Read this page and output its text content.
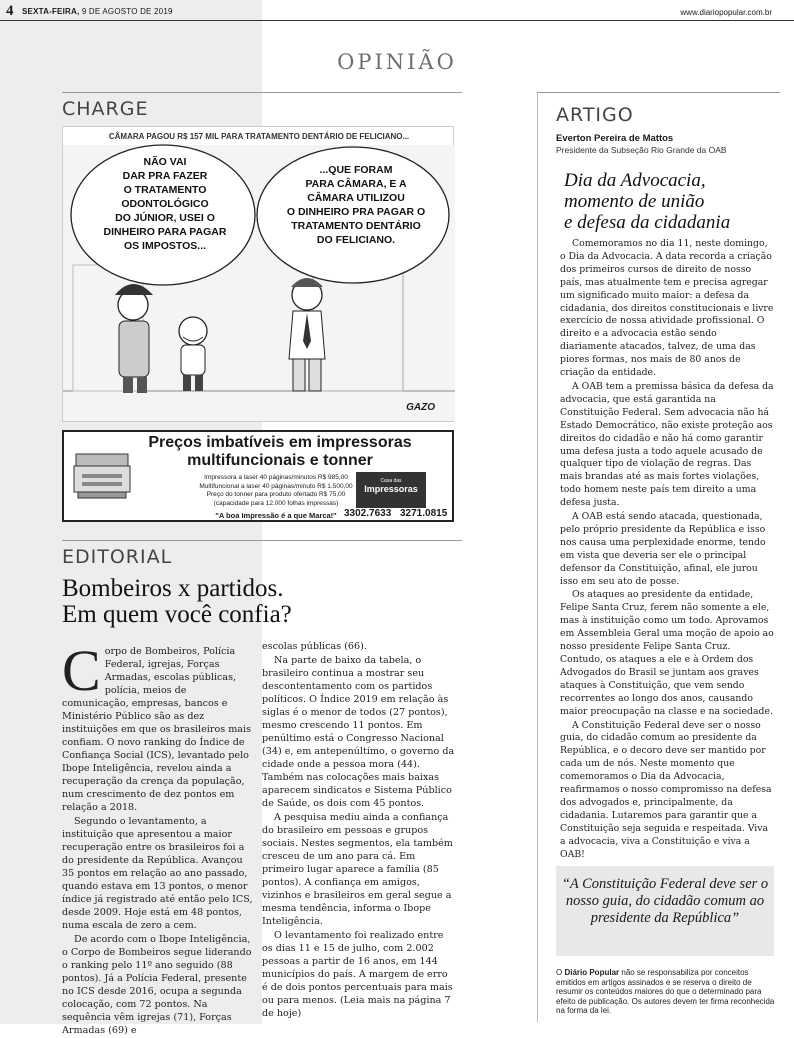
4 SEXTA-FEIRA, 9 DE AGOSTO DE 2019	www.diariopopular.com.br
OPINIÃO
CHARGE
CÂMARA PAGOU R$ 157 MIL PARA TRATAMENTO DENTÁRIO DE FELICIANO...
NÃO VAI
DAR PRA FAZER
O TRATAMENTO
ODONTOLÓGICO
DO JÚNIOR, USEI O
DINHEIRO PARA PAGAR
OS IMPOSTOS...
...QUE FORAM
PARA CÂMARA, E A
CÂMARA UTILIZOU
O DINHEIRO PRA PAGAR O
TRATAMENTO DENTÁRIO
DO FELICIANO.
GAZO
Preços imbatíveis em impressoras
multifuncionais e tonner
Impressora a laser 40 páginas/minutos R$ 985,00
Multifuncional a laser 40 páginas/minuto R$ 1.500,00
Preço do tonner para produto ofertado R$ 75,00
(capacidade para 12.000 folhas impressas)
"A boa Impressão é a que Marca!"
Casa das
Impressoras
3302.7633 3271.0815
EDITORIAL
Bombeiros x partidos.
Em quem você confia?

Corpo de Bombeiros, Polícia Federal, igrejas, Forças Armadas, escolas públicas, polícia, meios de comunicação, empresas, bancos e Ministério Público são as dez instituições em que os brasileiros mais confiam. O novo ranking do Índice de Confiança Social (ICS), levantado pelo Ibope Inteligência, revelou ainda a recuperação da crença da população, num crescimento de dez pontos em relação a 2018.

Segundo o levantamento, a instituição que apresentou a maior recuperação entre os brasileiros foi a do presidente da República. Avançou 35 pontos em relação ao ano passado, quando estava em 13 pontos, o menor índice já registrado até então pelo ICS, desde 2009. Hoje está em 48 pontos, numa escala de zero a cem.

De acordo com o Ibope Inteligência, o Corpo de Bombeiros segue liderando o ranking pelo 11º ano seguido (88 pontos). Já a Polícia Federal, presente no ICS desde 2016, ocupa a segunda colocação, com 72 pontos. Na sequência vêm igrejas (71), Forças Armadas (69) e

escolas públicas (66).

Na parte de baixo da tabela, o brasileiro continua a mostrar seu descontentamento com os partidos políticos. O Índice 2019 em relação às siglas é o menor de todos (27 pontos), mesmo crescendo 11 pontos. Em penúltimo está o Congresso Nacional (34) e, em antepenúltimo, o governo da cidade onde a pessoa mora (44). Também nas colocações mais baixas aparecem sindicatos e Sistema Público de Saúde, os dois com 45 pontos.

A pesquisa mediu ainda a confiança do brasileiro em pessoas e grupos sociais. Nestes segmentos, ela também cresceu de um ano para cá. Em primeiro lugar aparece a família (85 pontos). A confiança em amigos, vizinhos e brasileiros em geral segue a mesma tendência, informa o Ibope Inteligência.

O levantamento foi realizado entre os dias 11 e 15 de julho, com 2.002 pessoas a partir de 16 anos, em 144 municípios do país. A margem de erro é de dois pontos percentuais para mais ou para menos. (Leia mais na página 7 de hoje)

ARTIGO
Everton Pereira de Mattos
Presidente da Subseção Rio Grande da OAB
Dia da Advocacia,
momento de união
e defesa da cidadania

Comemoramos no dia 11, neste domingo, o Dia da Advocacia. A data recorda a criação dos primeiros cursos de direito de nosso país, mas atualmente tem e precisa agregar um significado muito maior: a defesa da cidadania, dos direitos constitucionais e livre exercício de nossa atividade profissional. O direito e a advocacia estão sendo diariamente atacados, talvez, de uma das piores formas, nos mais de 80 anos de criação da entidade.

A OAB tem a premissa básica da defesa da advocacia, que está garantida na Constituição Federal. Sem advocacia não há Estado Democrático, não existe proteção aos direitos do cidadão e não há como garantir uma defesa justa a todo aquele acusado de qualquer tipo de violação de regras. Das mais brandas até as mais fortes violações, todo homem neste país tem direito a uma defesa justa.

A OAB está sendo atacada, questionada, pelo próprio presidente da República e isso nos causa uma perplexidade enorme, tendo em vista que deveria ser ele o principal defensor da Constituição, afinal, ele jurou isso em seu ato de posse.

Os ataques ao presidente da entidade, Felipe Santa Cruz, ferem não somente a ele, mas à instituição como um todo. Aprovamos em Assembleia Geral uma moção de apoio ao nosso presidente Felipe Santa Cruz. Contudo, os ataques a ele e à Ordem dos Advogados do Brasil se juntam aos graves ataques à Constituição, que vem sendo recorrentes ao longo dos anos, causando maior preocupação na classe e na sociedade.

A Constituição Federal deve ser o nosso guia, do cidadão comum ao presidente da República, e o decoro deve ser mantido por cada um de nós. Neste momento que comemoramos o Dia da Advocacia, reafirmamos o nosso compromisso na defesa dos advogados e, principalmente, da cidadania. Lutaremos para garantir que a Constituição seja seguida e respeitada. Viva a advocacia, viva a Constituição e viva a OAB!

“A Constituição Federal deve ser o nosso guia, do cidadão comum ao presidente da República”
O Diário Popular não se responsabiliza por conceitos emitidos em artigos assinados e se reserva o direito de resumir os conteúdos maiores do que o determinado para efeito de publicação. Os autores devem ter firma reconhecida na forma da lei.
